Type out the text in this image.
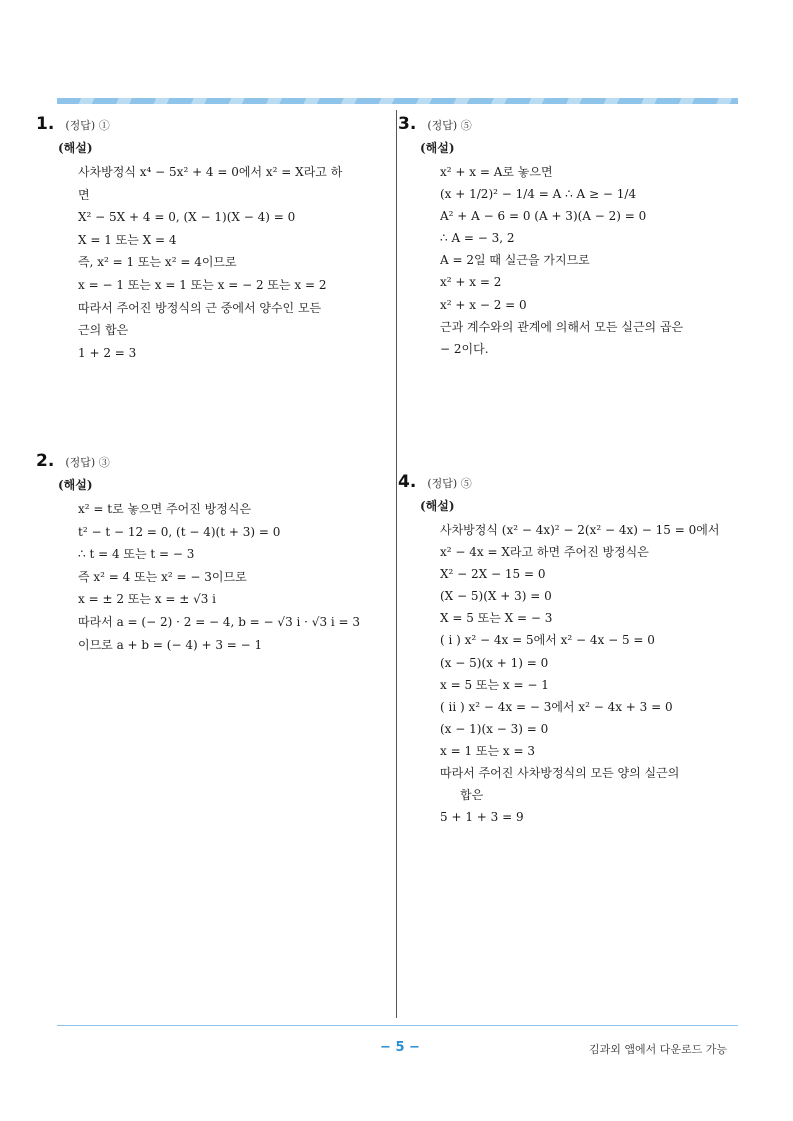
1. (정답) ①
(해설)
사차방정식 x⁴ − 5x² + 4 = 0에서 x² = X라고 하
면
X² − 5X + 4 = 0, (X − 1)(X − 4) = 0
X = 1 또는 X = 4
즉, x² = 1 또는 x² = 4이므로
x = − 1 또는 x = 1 또는 x = − 2 또는 x = 2
따라서 주어진 방정식의 근 중에서 양수인 모든
근의 합은
1 + 2 = 3
2. (정답) ③
(해설)
x² = t로 놓으면 주어진 방정식은
t² − t − 12 = 0, (t − 4)(t + 3) = 0
∴ t = 4 또는 t = − 3
즉 x² = 4 또는 x² = − 3이므로
x = ± 2 또는 x = ± √3 i
따라서 a = (− 2) · 2 = − 4, b = − √3 i · √3 i = 3
이므로 a + b = (− 4) + 3 = − 1
3. (정답) ⑤
(해설)
x² + x = A로 놓으면
(x + 1/2)² − 1/4 = A ∴ A ≥ − 1/4
A² + A − 6 = 0 (A + 3)(A − 2) = 0
∴ A = − 3, 2
A = 2일 때 실근을 가지므로
x² + x = 2
x² + x − 2 = 0
근과 계수와의 관계에 의해서 모든 실근의 곱은
− 2이다.
4. (정답) ⑤
(해설)
사차방정식 (x² − 4x)² − 2(x² − 4x) − 15 = 0에서
x² − 4x = X라고 하면 주어진 방정식은
X² − 2X − 15 = 0
(X − 5)(X + 3) = 0
X = 5 또는 X = − 3
( i ) x² − 4x = 5에서 x² − 4x − 5 = 0
(x − 5)(x + 1) = 0
x = 5 또는 x = − 1
( ii ) x² − 4x = − 3에서 x² − 4x + 3 = 0
(x − 1)(x − 3) = 0
x = 1 또는 x = 3
따라서 주어진 사차방정식의 모든 양의 실근의
합은
5 + 1 + 3 = 9
− 5 −	김과외 앱에서 다운로드 가능
